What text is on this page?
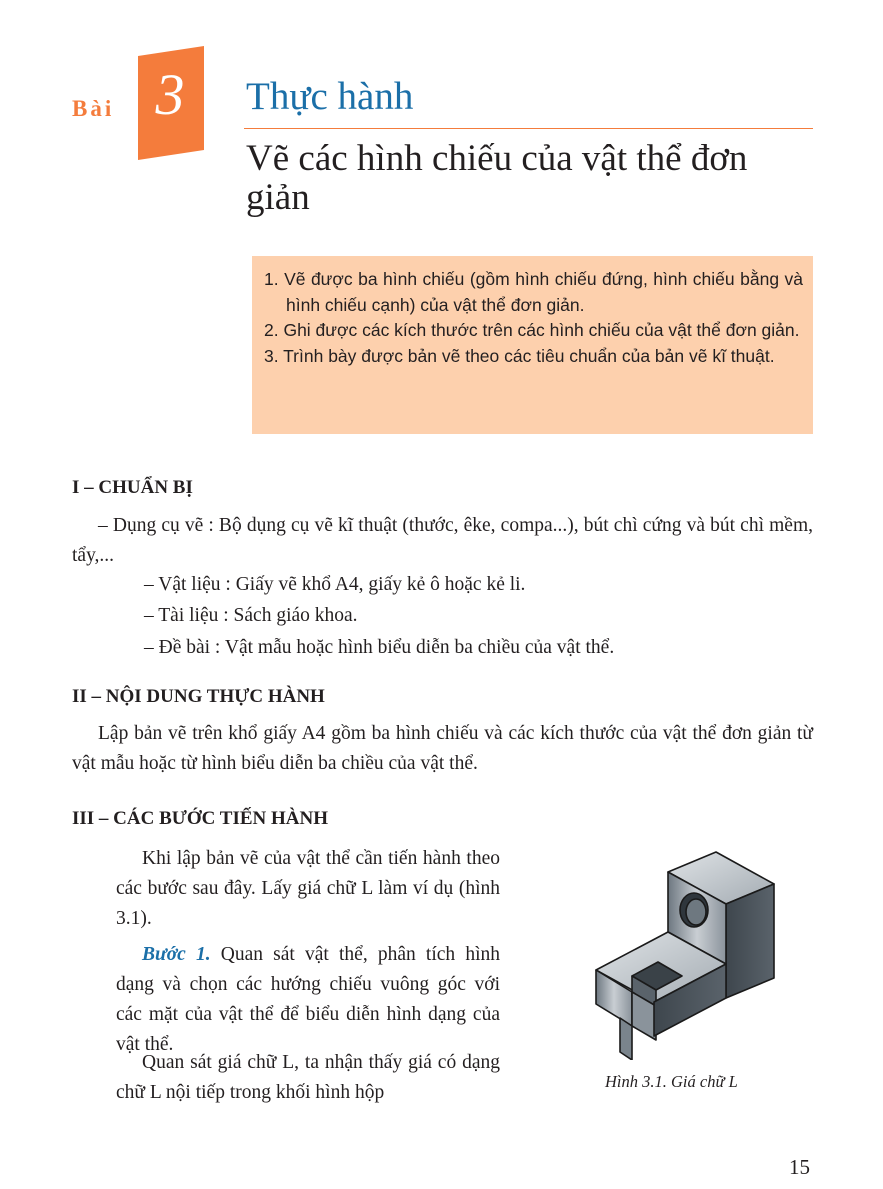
Bài 3 Thực hành
Vẽ các hình chiếu của vật thể đơn giản
1. Vẽ được ba hình chiếu (gồm hình chiếu đứng, hình chiếu bằng và hình chiếu cạnh) của vật thể đơn giản.
2. Ghi được các kích thước trên các hình chiếu của vật thể đơn giản.
3. Trình bày được bản vẽ theo các tiêu chuẩn của bản vẽ kĩ thuật.
I – CHUẨN BỊ
– Dụng cụ vẽ : Bộ dụng cụ vẽ kĩ thuật (thước, êke, compa...), bút chì cứng và bút chì mềm, tẩy,...
– Vật liệu : Giấy vẽ khổ A4, giấy kẻ ô hoặc kẻ li.
– Tài liệu : Sách giáo khoa.
– Đề bài : Vật mẫu hoặc hình biểu diễn ba chiều của vật thể.
II – NỘI DUNG THỰC HÀNH
Lập bản vẽ trên khổ giấy A4 gồm ba hình chiếu và các kích thước của vật thể đơn giản từ vật mẫu hoặc từ hình biểu diễn ba chiều của vật thể.
III – CÁC BƯỚC TIẾN HÀNH
Khi lập bản vẽ của vật thể cần tiến hành theo các bước sau đây. Lấy giá chữ L làm ví dụ (hình 3.1).
Bước 1. Quan sát vật thể, phân tích hình dạng và chọn các hướng chiếu vuông góc với các mặt của vật thể để biểu diễn hình dạng của vật thể.
Quan sát giá chữ L, ta nhận thấy giá có dạng chữ L nội tiếp trong khối hình hộp
Hình 3.1. Giá chữ L
15
